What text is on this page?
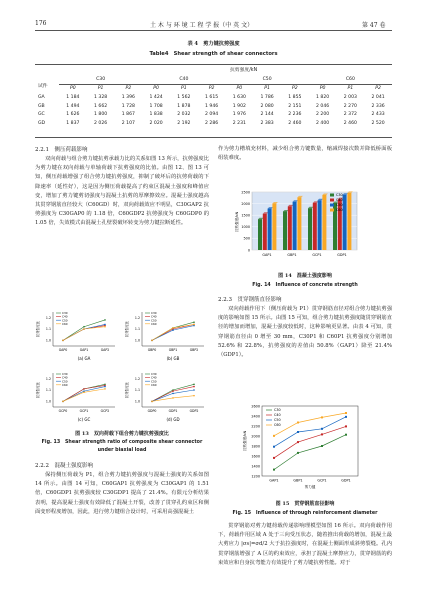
176	土 木 与 环 境 工 程 学 报（中 英 文）	第 47 卷
表 4　剪力键抗剪强度
Table4　Shear strength of shear connectors
抗剪强度/kN
试件
	C30			C40			C50			C60		
	P0	P1	P2	P0	P1	P2	P0	P1	P2	P0	P1	P2
GA	1 184	1 328	1 396	1 424	1 562	1 615	1 630	1 786	1 855	1 820	2 003	2 041
GB	1 494	1 662	1 728	1 708	1 878	1 946	1 902	2 080	2 151	2 046	2 270	2 336
GC	1 626	1 800	1 867	1 838	2 032	2 094	1 976	2 144	2 236	2 200	2 372	2 433
GD	1 837	2 026	2 107	2 020	2 192	2 286	2 231	2 383	2 460	2 400	2 460	2 520
2.2.1　侧压荷载影响
双向荷载与组合剪力键抗剪承载力比的关系如图 13 所示，抗剪强度比为剪力键在双向荷载与单轴荷载下抗剪强度的比值。由图 12、图 13 可知，侧压荷载增强了组合剪力键抗剪强度，抑制了破坏后的抗剪荷载的下降速率（延性好），这是因为侧压荷载提高了约束区混凝土强度和峰值应变，增加了剪力键剪切强度与混凝土抗剪的厚摩擦效应。混凝土强度越高其贯穿钢筋直径较大（C60GD）时，双向荷载效应不明显，C30GAP2 抗剪强度为 C30GAP0 的 1.18 倍，C60GDP2 抗剪强度为 C60GDP0 的 1.05 倍，失效模式由混凝土孔壁裂破坏转变为剪力键拉断延性。
1.0
1.1
1.2
抗剪强度比
GAP0	GAP1	GAP2
C30
C40
C50
C60
(a) GA
1.0
1.1
1.2
抗剪强度比
GBP0	GBP1	GBP2
C30
C40
C50
C60
(b) GB
1.0
1.1
1.2
抗剪强度比
GCP0	GCP1	GCP2
C30
C40
C50
C60
(c) GC
1.0
1.1
1.2
抗剪强度比
GDP0	GDP1	GDP2
C30
C40
C50
C60
(d) GD
图 13　双向荷载下组合剪力键抗剪强度比
Fig. 13　Shear strength ratio of composite shear connector under biaxial load
2.2.2　混凝土强度影响
保持侧压荷载为 P1，组合剪力键抗剪强度与混凝土强度的关系如图 14 所示。由图 14 可知，C60GAP1 抗剪强度为 C30GAP1 的 1.51 倍，C60GDP1 抗剪强度较 C30GDP1 提高了 21.4%。有限元分析结果表明，提高混凝土强度有效降低了混凝土开裂，改善了贯穿孔约束区和侧面变形程度增加，因此，进行剪力键组合设计时，可采用高强混凝土
作为剪力槽填充材料，减少组合剪力键数量，缩减焊接次数并降低桥面板组装难度。
0
500
1000
1500
2000
2500
抗剪强度/kN
GAP1	GBP1	GCP1	GDP1
C30
C40
C50
C60
图 14　混凝土强度影响
Fig. 14　Influence of concrete strength
2.2.3　贯穿钢筋直径影响
双向荷载作用下（侧压荷载为 P1）贯穿钢筋直径对组合剪力键抗剪强度的影响如图 15 所示。由图 15 可知，组合剪力键抗剪强度随贯穿钢筋直径的增加而增加，混凝土强度较低时，这种影响更显著。由表 4 可知，贯穿钢筋直径由 0 增至 30 mm，C30P1 和 C60P1 抗剪强度分别增加 52.6% 和 22.8%，抗剪强度的差值由 50.8%（GAP1）降至 21.4%（GDP1）。
1200
1400
1600
1800
2000
2200
2400
2600
抗剪强度/kN
剪力键
GAP1	GBP1	GCP1	GDP1
C30
C40
C50
C60
图 15　贯穿钢筋直径影响
Fig. 15　Influence of through reinforcement diameter
贯穿钢筋对剪力键荷载传递影响理模型如图 16 所示。双向荷载作用下，荷载作用区域 A 处于三向受压状态，随着推出荷载的增加，混凝土最大剪应力 |σs|=σd/2 大于抗拉强度时，在混凝土侧面形成斜剪裂缝。孔内贯穿钢筋增强了 A 区的约束效应，承担了混凝土摩擦应力，贯穿钢筋的约束效应和自身抗弯能力有效提升了剪力键抗剪性能。对于
